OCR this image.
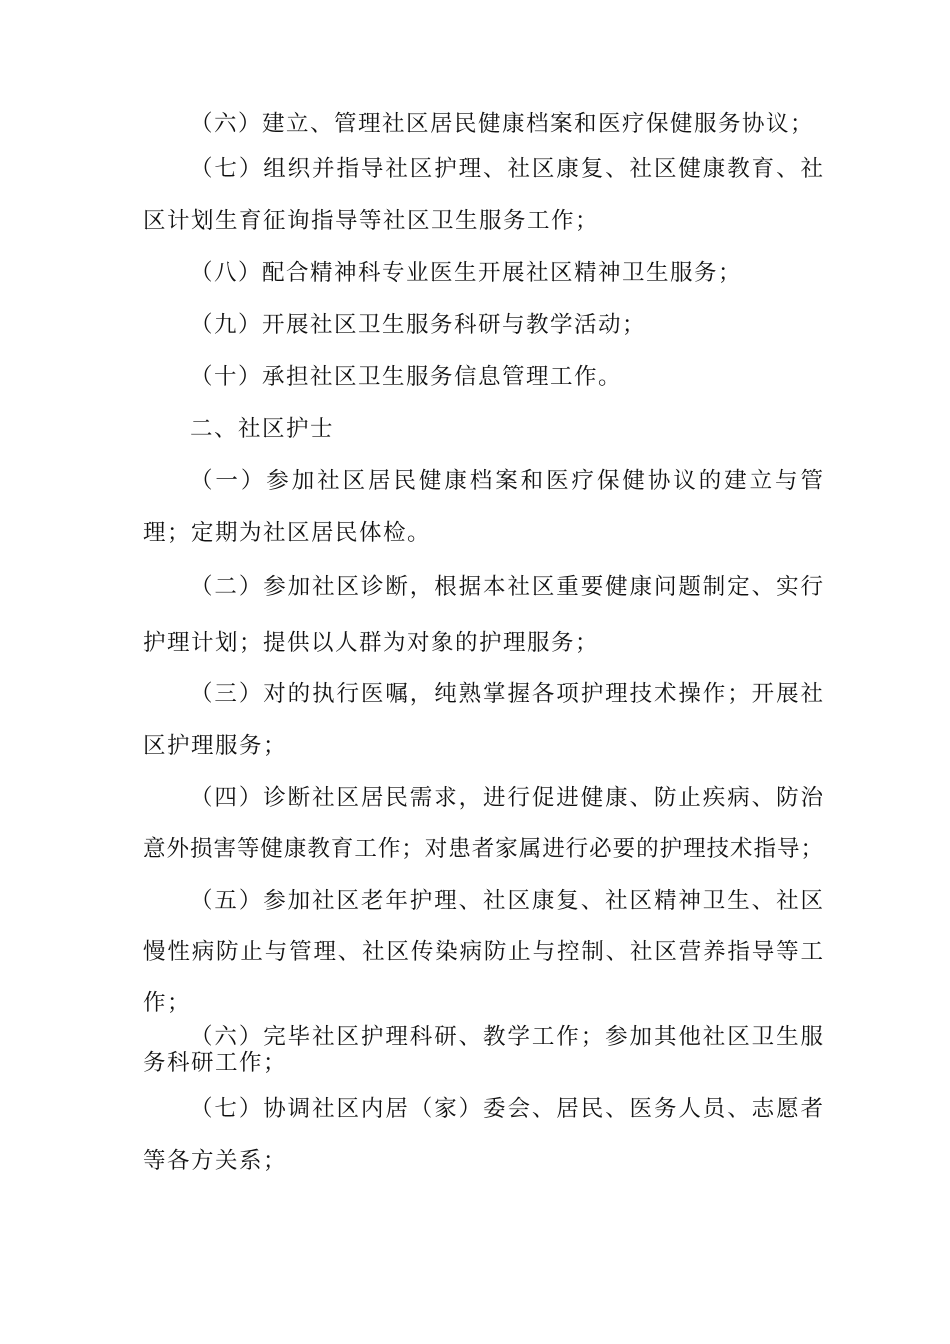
（六）建立、管理社区居民健康档案和医疗保健服务协议；
（七）组织并指导社区护理、社区康复、社区健康教育、社
区计划生育征询指导等社区卫生服务工作；
（八）配合精神科专业医生开展社区精神卫生服务；
（九）开展社区卫生服务科研与教学活动；
（十）承担社区卫生服务信息管理工作。
二、社区护士
（一）参加社区居民健康档案和医疗保健协议的建立与管
理；定期为社区居民体检。
（二）参加社区诊断，根据本社区重要健康问题制定、实行
护理计划；提供以人群为对象的护理服务；
（三）对的执行医嘱，纯熟掌握各项护理技术操作；开展社
区护理服务；
（四）诊断社区居民需求，进行促进健康、防止疾病、防治
意外损害等健康教育工作；对患者家属进行必要的护理技术指导；
（五）参加社区老年护理、社区康复、社区精神卫生、社区
慢性病防止与管理、社区传染病防止与控制、社区营养指导等工
作；
（六）完毕社区护理科研、教学工作；参加其他社区卫生服
务科研工作；
（七）协调社区内居（家）委会、居民、医务人员、志愿者
等各方关系；
